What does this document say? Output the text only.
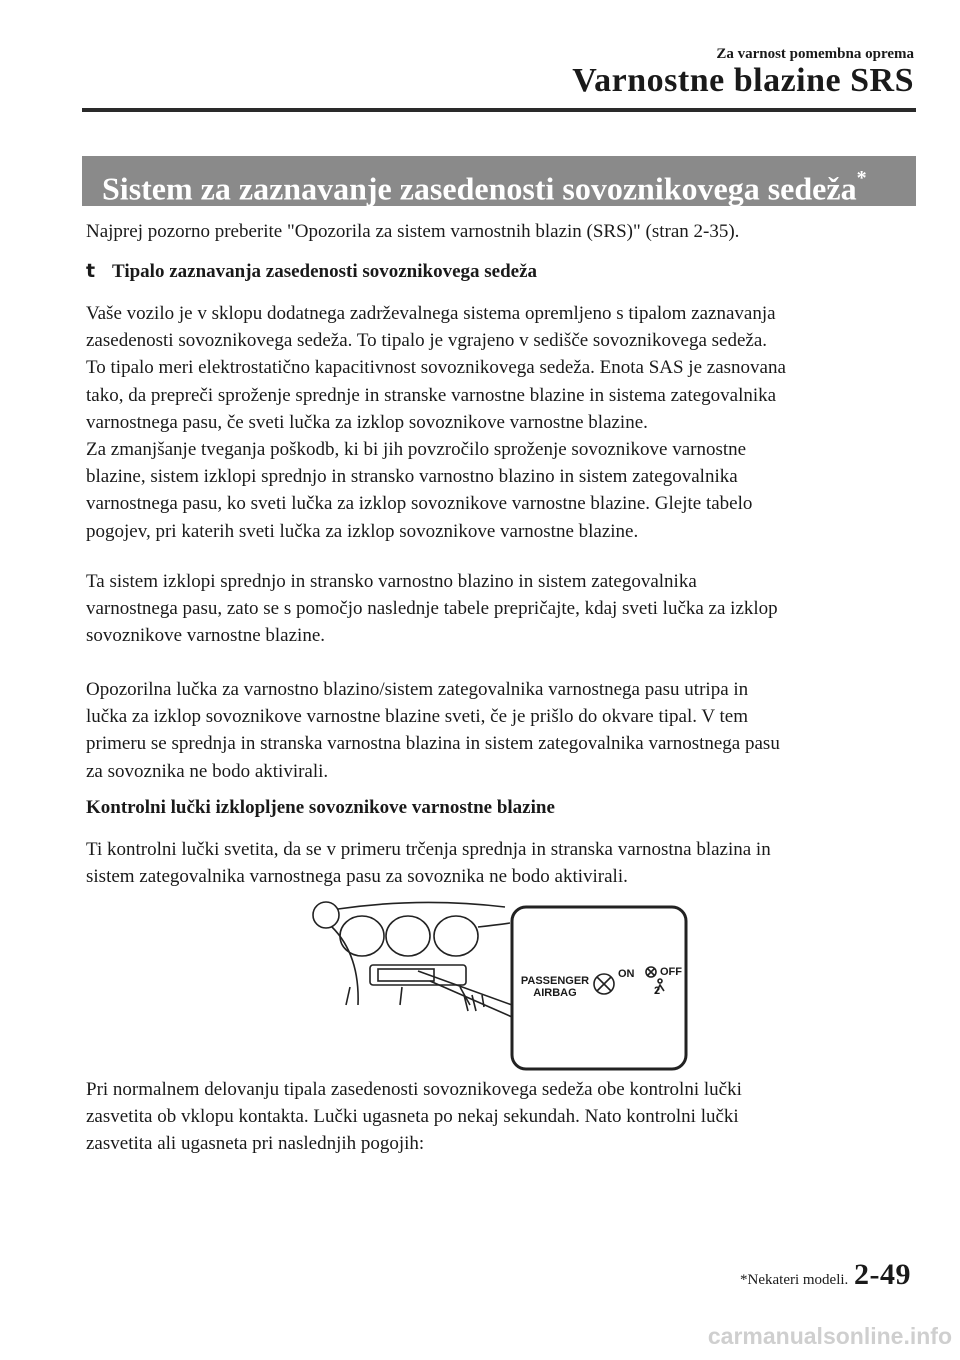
Za varnost pomembna oprema
Varnostne blazine SRS
Sistem za zaznavanje zasedenosti sovoznikovega sedeža*

Najprej pozorno preberite "Opozorila za sistem varnostnih blazin (SRS)" (stran 2-35).

t Tipalo zaznavanja zasedenosti sovoznikovega sedeža
Vaše vozilo je v sklopu dodatnega zadrževalnega sistema opremljeno s tipalom zaznavanja
zasedenosti sovoznikovega sedeža. To tipalo je vgrajeno v sedišče sovoznikovega sedeža.
To tipalo meri elektrostatično kapacitivnost sovoznikovega sedeža. Enota SAS je zasnovana
tako, da prepreči sproženje sprednje in stranske varnostne blazine in sistema zategovalnika
varnostnega pasu, če sveti lučka za izklop sovoznikove varnostne blazine.
Za zmanjšanje tveganja poškodb, ki bi jih povzročilo sproženje sovoznikove varnostne
blazine, sistem izklopi sprednjo in stransko varnostno blazino in sistem zategovalnika
varnostnega pasu, ko sveti lučka za izklop sovoznikove varnostne blazine. Glejte tabelo
pogojev, pri katerih sveti lučka za izklop sovoznikove varnostne blazine.
Ta sistem izklopi sprednjo in stransko varnostno blazino in sistem zategovalnika
varnostnega pasu, zato se s pomočjo naslednje tabele prepričajte, kdaj sveti lučka za izklop
sovoznikove varnostne blazine.
Opozorilna lučka za varnostno blazino/sistem zategovalnika varnostnega pasu utripa in
lučka za izklop sovoznikove varnostne blazine sveti, če je prišlo do okvare tipal. V tem
primeru se sprednja in stranska varnostna blazina in sistem zategovalnika varnostnega pasu
za sovoznika ne bodo aktivirali.
Kontrolni lučki izklopljene sovoznikove varnostne blazine
Ti kontrolni lučki svetita, da se v primeru trčenja sprednja in stranska varnostna blazina in
sistem zategovalnika varnostnega pasu za sovoznika ne bodo aktivirali.
PASSENGER
AIRBAG
ON OFF
2
Pri normalnem delovanju tipala zasedenosti sovoznikovega sedeža obe kontrolni lučki
zasvetita ob vklopu kontakta. Lučki ugasneta po nekaj sekundah. Nato kontrolni lučki
zasvetita ali ugasneta pri naslednjih pogojih:
*Nekateri modeli. 2-49
carmanualsonline.info
